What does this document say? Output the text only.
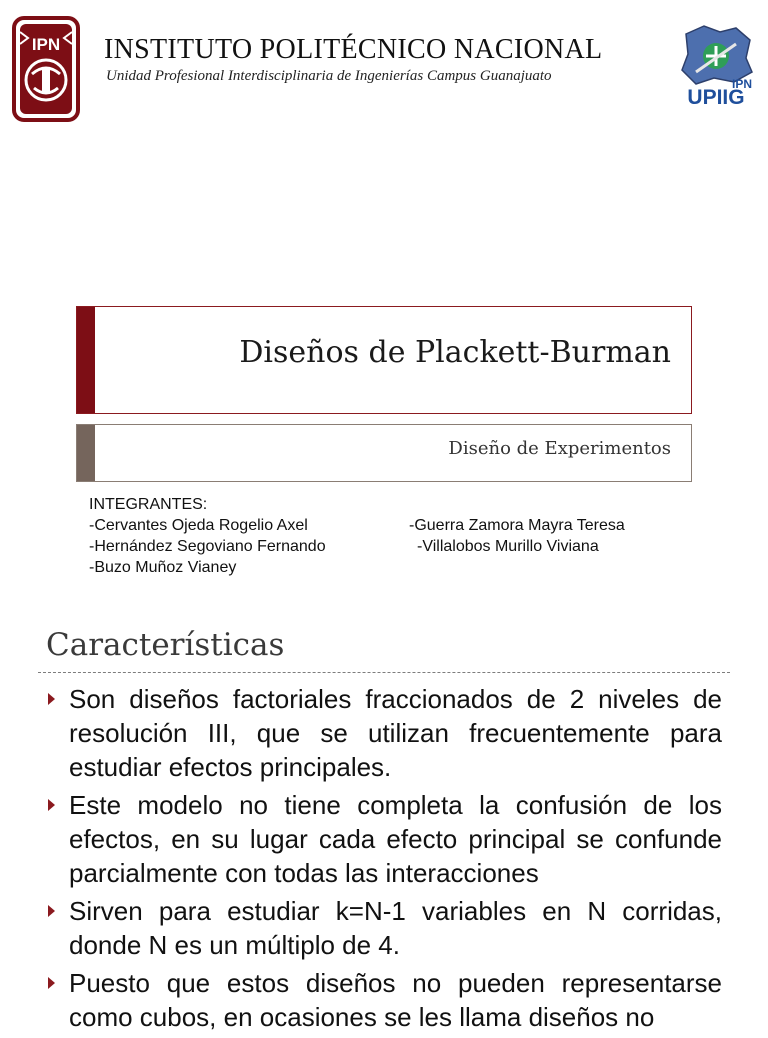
IPN INSTITUTO POLITÉCNICO NACIONAL
Unidad Profesional Interdisciplinaria de Ingenierías Campus Guanajuato	IPN
UPIIG
Diseños de Plackett-Burman
Diseño de Experimentos
INTEGRANTES:
-Cervantes Ojeda Rogelio Axel	-Guerra Zamora Mayra Teresa
-Hernández Segoviano Fernando	-Villalobos Murillo Viviana
-Buzo Muñoz Vianey
Características
Son diseños factoriales fraccionados de 2 niveles de resolución III, que se utilizan frecuentemente para estudiar efectos principales.
Este modelo no tiene completa la confusión de los efectos, en su lugar cada efecto principal se confunde parcialmente con todas las interacciones
Sirven para estudiar k=N-1 variables en N corridas, donde N es un múltiplo de 4.
Puesto que estos diseños no pueden representarse como cubos, en ocasiones se les llama diseños no
